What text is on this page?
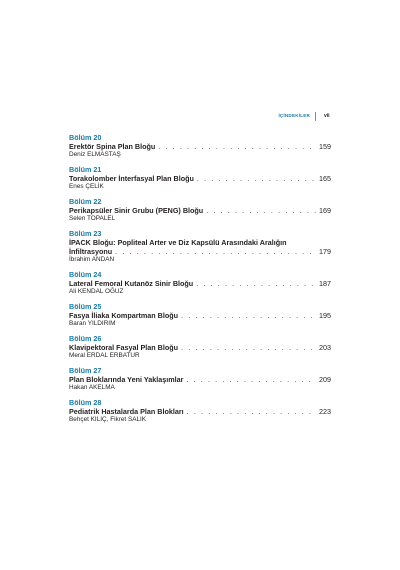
İÇİNDEKİLER	vii
Bölüm 20
Erektör Spina Plan Bloğu . . .	159
Deniz ELMASTAŞ
Bölüm 21
Torakolomber İnterfasyal Plan Bloğu . . .	165
Enes ÇELİK
Bölüm 22
Perikapsüler Sinir Grubu (PENG) Bloğu . . .	169
Selen TOPALEL
Bölüm 23
İPACK Bloğu: Popliteal Arter ve Diz Kapsülü Arasındaki Aralığın
İnfiltrasyonu . . .	179
İbrahim ANDAN
Bölüm 24
Lateral Femoral Kutanöz Sinir Bloğu . . .	187
Ali KENDAL OĞUZ
Bölüm 25
Fasya İliaka Kompartman Bloğu . . .	195
Baran YILDIRIM
Bölüm 26
Klavipektoral Fasyal Plan Bloğu . . .	203
Meral ERDAL ERBATUR
Bölüm 27
Plan Bloklarında Yeni Yaklaşımlar . . .	209
Hakan AKELMA
Bölüm 28
Pediatrik Hastalarda Plan Blokları . . .	223
Behçet KILIÇ, Fikret SALIK
